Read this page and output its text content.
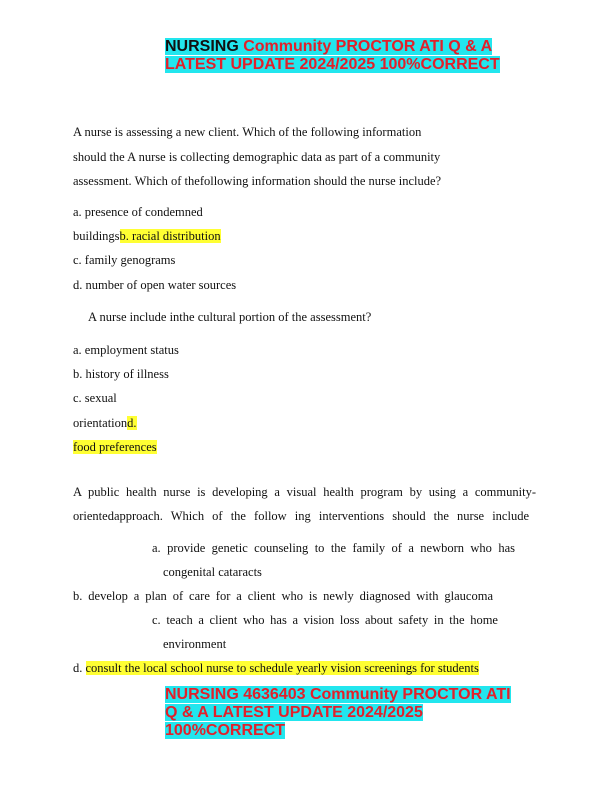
NURSING Community PROCTOR ATI Q & A
LATEST UPDATE 2024/2025 100%CORRECT
A nurse is assessing a new client. Which of the following information
should the A nurse is collecting demographic data as part of a community
assessment. Which of thefollowing information should the nurse include?
a. presence of condemned
buildingsb. racial distribution
c. family genograms
d. number of open water sources
A nurse include inthe cultural portion of the assessment?
a. employment status
b. history of illness
c. sexual
orientationd.
food preferences
A public health nurse is developing a visual health program by using a community-
orientedapproach. Which of the follow ing interventions should the nurse include
a. provide genetic counseling to the family of a newborn who has
congenital cataracts
b. develop a plan of care for a client who is newly diagnosed with glaucoma
c. teach a client who has a vision loss about safety in the home
environment
d. consult the local school nurse to schedule yearly vision screenings for students
NURSING 4636403 Community PROCTOR ATI
Q & A LATEST UPDATE 2024/2025
100%CORRECT
